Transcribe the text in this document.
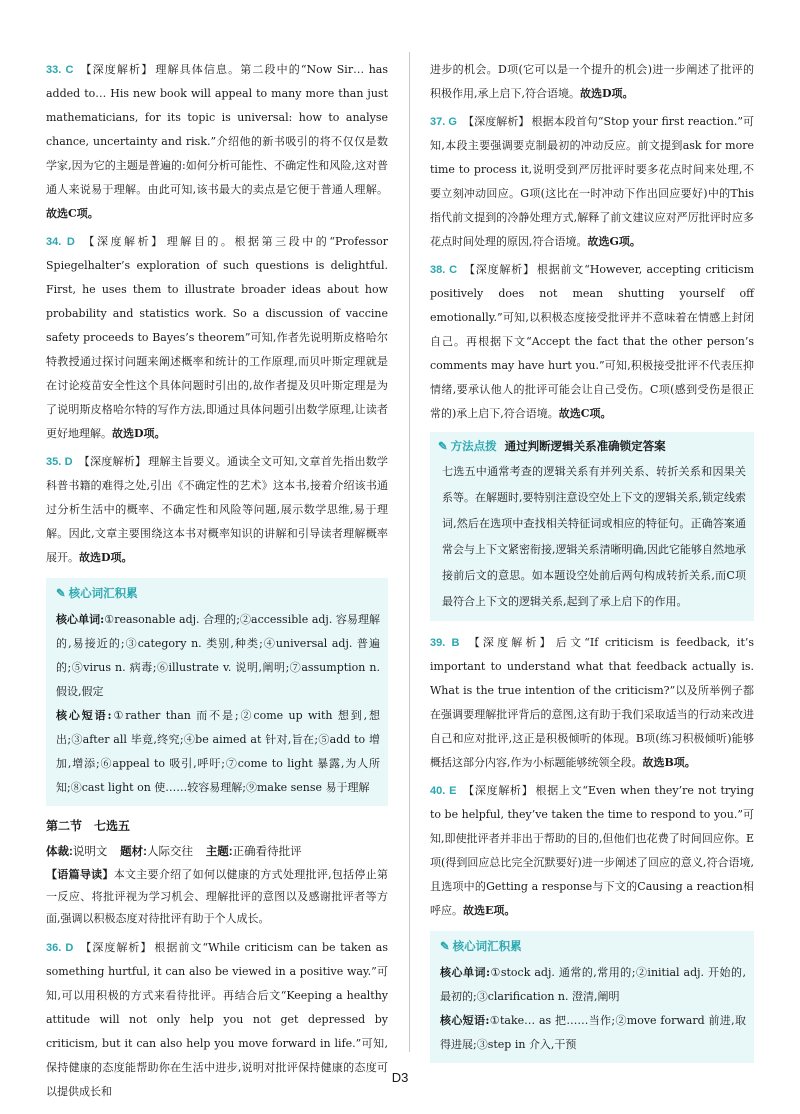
33. C 【深度解析】 理解具体信息。第二段中的“Now Sir… has added to… His new book will appeal to many more than just mathematicians, for its topic is universal: how to analyse chance, uncertainty and risk.”介绍他的新书吸引的将不仅仅是数学家,因为它的主题是普遍的:如何分析可能性、不确定性和风险,这对普通人来说易于理解。由此可知,该书最大的卖点是它便于普通人理解。故选C项。
34. D 【深度解析】 理解目的。根据第三段中的“Professor Spiegelhalter’s exploration of such questions is delightful. First, he uses them to illustrate broader ideas about how probability and statistics work. So a discussion of vaccine safety proceeds to Bayes’s theorem”可知,作者先说明斯皮格哈尔特教授通过探讨问题来阐述概率和统计的工作原理,而贝叶斯定理就是在讨论疫苗安全性这个具体问题时引出的,故作者提及贝叶斯定理是为了说明斯皮格哈尔特的写作方法,即通过具体问题引出数学原理,让读者更好地理解。故选D项。
35. D 【深度解析】 理解主旨要义。通读全文可知,文章首先指出数学科普书籍的难得之处,引出《不确定性的艺术》这本书,接着介绍该书通过分析生活中的概率、不确定性和风险等问题,展示数学思维,易于理解。因此,文章主要围绕这本书对概率知识的讲解和引导读者理解概率展开。故选D项。
✎ 核心词汇积累
核心单词:①reasonable adj. 合理的;②accessible adj. 容易理解的,易接近的;③category n. 类别,种类;④universal adj. 普遍的;⑤virus n. 病毒;⑥illustrate v. 说明,阐明;⑦assumption n. 假设,假定
核心短语:①rather than 而不是;②come up with 想到,想出;③after all 毕竟,终究;④be aimed at 针对,旨在;⑤add to 增加,增添;⑥appeal to 吸引,呼吁;⑦come to light 暴露,为人所知;⑧cast light on 使……较容易理解;⑨make sense 易于理解
第二节　七选五
体裁:说明文 题材:人际交往 主题:正确看待批评
【语篇导读】本文主要介绍了如何以健康的方式处理批评,包括停止第一反应、将批评视为学习机会、理解批评的意图以及感谢批评者等方面,强调以积极态度对待批评有助于个人成长。
36. D 【深度解析】 根据前文“While criticism can be taken as something hurtful, it can also be viewed in a positive way.”可知,可以用积极的方式来看待批评。再结合后文“Keeping a healthy attitude will not only help you not get depressed by criticism, but it can also help you move forward in life.”可知,保持健康的态度能帮助你在生活中进步,说明对批评保持健康的态度可以提供成长和
进步的机会。D项(它可以是一个提升的机会)进一步阐述了批评的积极作用,承上启下,符合语境。故选D项。
37. G 【深度解析】 根据本段首句“Stop your first reaction.”可知,本段主要强调要克制最初的冲动反应。前文提到ask for more time to process it,说明受到严厉批评时要多花点时间来处理,不要立刻冲动回应。G项(这比在一时冲动下作出回应要好)中的This指代前文提到的冷静处理方式,解释了前文建议应对严厉批评时应多花点时间处理的原因,符合语境。故选G项。
38. C 【深度解析】 根据前文“However, accepting criticism positively does not mean shutting yourself off emotionally.”可知,以积极态度接受批评并不意味着在情感上封闭自己。再根据下文“Accept the fact that the other person’s comments may have hurt you.”可知,积极接受批评不代表压抑情绪,要承认他人的批评可能会让自己受伤。C项(感到受伤是很正常的)承上启下,符合语境。故选C项。
✎ 方法点拨 通过判断逻辑关系准确锁定答案
七选五中通常考查的逻辑关系有并列关系、转折关系和因果关系等。在解题时,要特别注意设空处上下文的逻辑关系,锁定线索词,然后在选项中查找相关特征词或相应的特征句。正确答案通常会与上下文紧密衔接,逻辑关系清晰明确,因此它能够自然地承接前后文的意思。如本题设空处前后两句构成转折关系,而C项最符合上下文的逻辑关系,起到了承上启下的作用。
39. B 【深度解析】 后文“If criticism is feedback, it’s important to understand what that feedback actually is. What is the true intention of the criticism?”以及所举例子都在强调要理解批评背后的意图,这有助于我们采取适当的行动来改进自己和应对批评,这正是积极倾听的体现。B项(练习积极倾听)能够概括这部分内容,作为小标题能够统领全段。故选B项。
40. E 【深度解析】 根据上文“Even when they’re not trying to be helpful, they’ve taken the time to respond to you.”可知,即使批评者并非出于帮助的目的,但他们也花费了时间回应你。E项(得到回应总比完全沉默要好)进一步阐述了回应的意义,符合语境,且选项中的Getting a response与下文的Causing a reaction相呼应。故选E项。
✎ 核心词汇积累
核心单词:①stock adj. 通常的,常用的;②initial adj. 开始的,最初的;③clarification n. 澄清,阐明
核心短语:①take… as 把……当作;②move forward 前进,取得进展;③step in 介入,干预
D3
